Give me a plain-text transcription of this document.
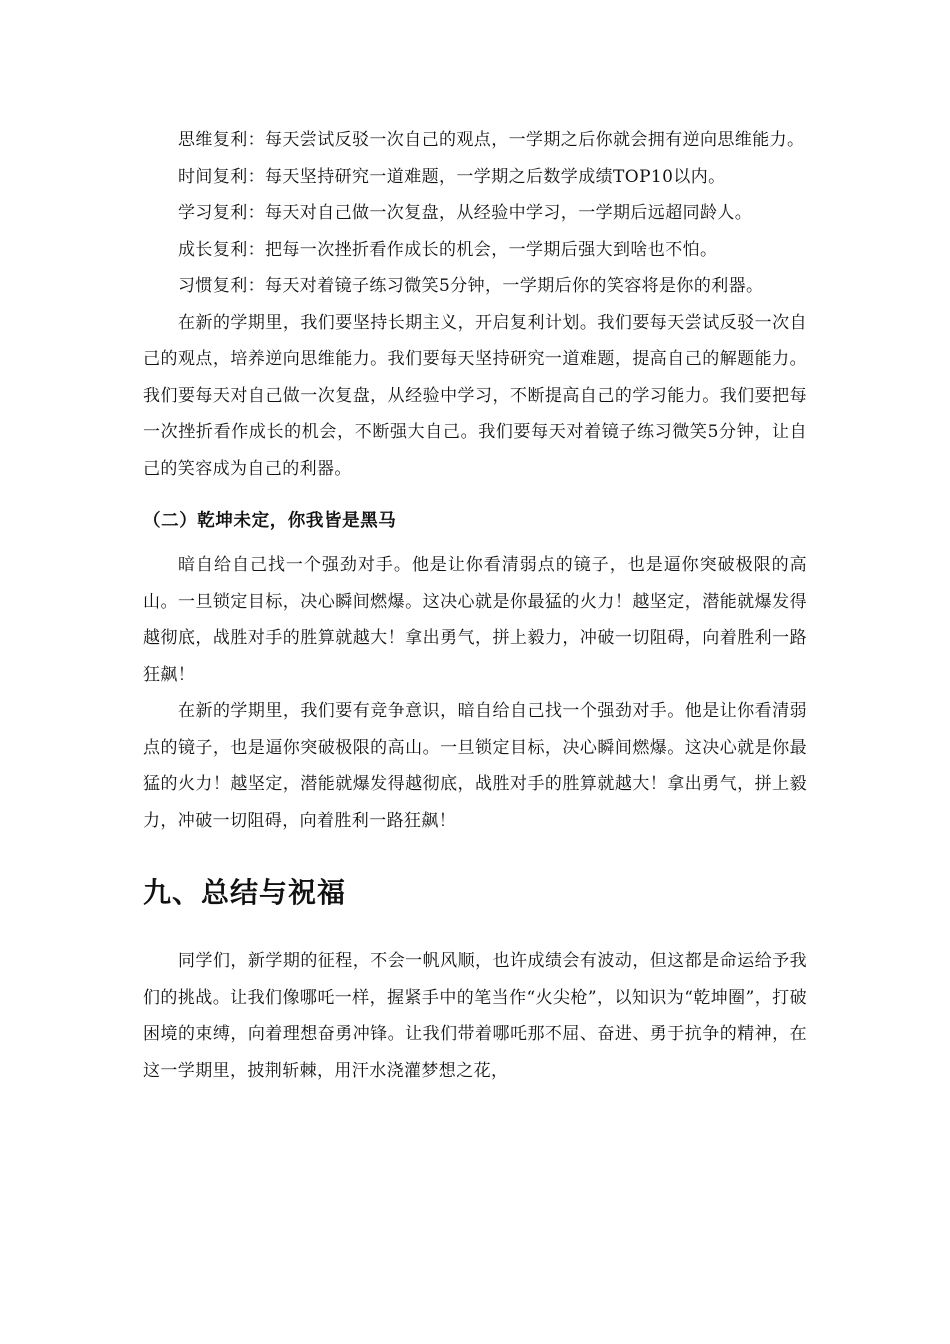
思维复利：每天尝试反驳一次自己的观点，一学期之后你就会拥有逆向思维能力。

时间复利：每天坚持研究一道难题，一学期之后数学成绩TOP10以内。

学习复利：每天对自己做一次复盘，从经验中学习，一学期后远超同龄人。

成长复利：把每一次挫折看作成长的机会，一学期后强大到啥也不怕。

习惯复利：每天对着镜子练习微笑5分钟，一学期后你的笑容将是你的利器。

在新的学期里，我们要坚持长期主义，开启复利计划。我们要每天尝试反驳一次自己的观点，培养逆向思维能力。我们要每天坚持研究一道难题，提高自己的解题能力。我们要每天对自己做一次复盘，从经验中学习，不断提高自己的学习能力。我们要把每一次挫折看作成长的机会，不断强大自己。我们要每天对着镜子练习微笑5分钟，让自己的笑容成为自己的利器。

（二）乾坤未定，你我皆是黑马

暗自给自己找一个强劲对手。他是让你看清弱点的镜子，也是逼你突破极限的高山。一旦锁定目标，决心瞬间燃爆。这决心就是你最猛的火力！越坚定，潜能就爆发得越彻底，战胜对手的胜算就越大！拿出勇气，拼上毅力，冲破一切阻碍，向着胜利一路狂飙！

在新的学期里，我们要有竞争意识，暗自给自己找一个强劲对手。他是让你看清弱点的镜子，也是逼你突破极限的高山。一旦锁定目标，决心瞬间燃爆。这决心就是你最猛的火力！越坚定，潜能就爆发得越彻底，战胜对手的胜算就越大！拿出勇气，拼上毅力，冲破一切阻碍，向着胜利一路狂飙！

九、总结与祝福

同学们，新学期的征程，不会一帆风顺，也许成绩会有波动，但这都是命运给予我们的挑战。让我们像哪吒一样，握紧手中的笔当作“火尖枪”，以知识为“乾坤圈”，打破困境的束缚，向着理想奋勇冲锋。让我们带着哪吒那不屈、奋进、勇于抗争的精神，在这一学期里，披荆斩棘，用汗水浇灌梦想之花，
